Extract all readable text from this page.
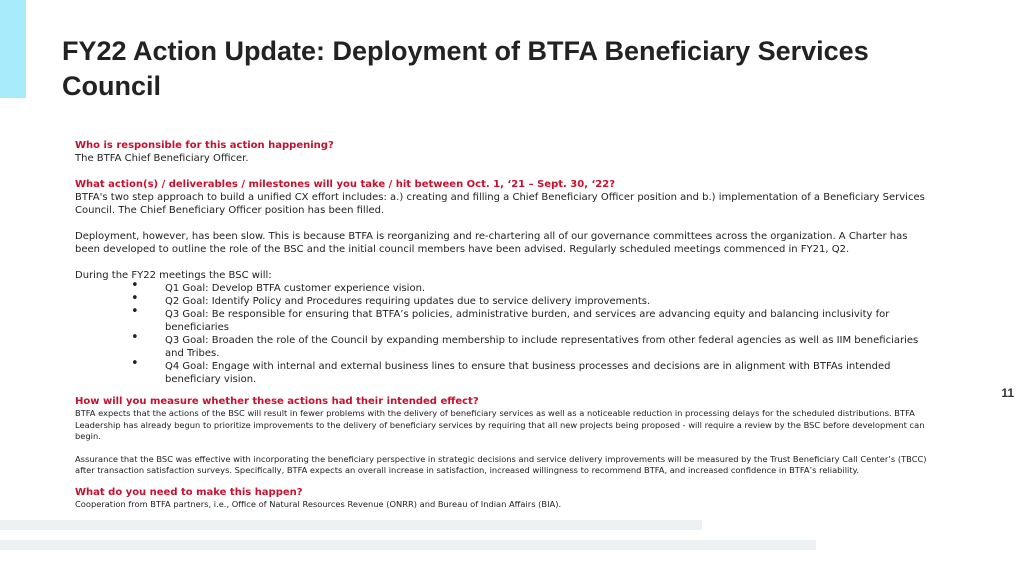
FY22 Action Update: Deployment of BTFA Beneficiary Services Council

Who is responsible for this action happening?

The BTFA Chief Beneficiary Officer.

What action(s) / deliverables / milestones will you take / hit between Oct. 1, ‘21 – Sept. 30, ‘22?

BTFA's two step approach to build a unified CX effort includes: a.) creating and filling a Chief Beneficiary Officer position and b.) implementation of a Beneficiary Services Council. The Chief Beneficiary Officer position has been filled.

Deployment, however, has been slow. This is because BTFA is reorganizing and re-chartering all of our governance committees across the organization. A Charter has been developed to outline the role of the BSC and the initial council members have been advised. Regularly scheduled meetings commenced in FY21, Q2.

During the FY22 meetings the BSC will:

•	Q1 Goal: Develop BTFA customer experience vision.
•	Q2 Goal: Identify Policy and Procedures requiring updates due to service delivery improvements.
•	Q3 Goal: Be responsible for ensuring that BTFA’s policies, administrative burden, and services are advancing equity and balancing inclusivity for beneficiaries
•	Q3 Goal: Broaden the role of the Council by expanding membership to include representatives from other federal agencies as well as IIM beneficiaries and Tribes.
•	Q4 Goal: Engage with internal and external business lines to ensure that business processes and decisions are in alignment with BTFAs intended beneficiary vision.

How will you measure whether these actions had their intended effect?

BTFA expects that the actions of the BSC will result in fewer problems with the delivery of beneficiary services as well as a noticeable reduction in processing delays for the scheduled distributions. BTFA Leadership has already begun to prioritize improvements to the delivery of beneficiary services by requiring that all new projects being proposed - will require a review by the BSC before development can begin.

Assurance that the BSC was effective with incorporating the beneficiary perspective in strategic decisions and service delivery improvements will be measured by the Trust Beneficiary Call Center’s (TBCC) after transaction satisfaction surveys. Specifically, BTFA expects an overall increase in satisfaction, increased willingness to recommend BTFA, and increased confidence in BTFA’s reliability.

What do you need to make this happen?

Cooperation from BTFA partners, i.e., Office of Natural Resources Revenue (ONRR) and Bureau of Indian Affairs (BIA).

11
